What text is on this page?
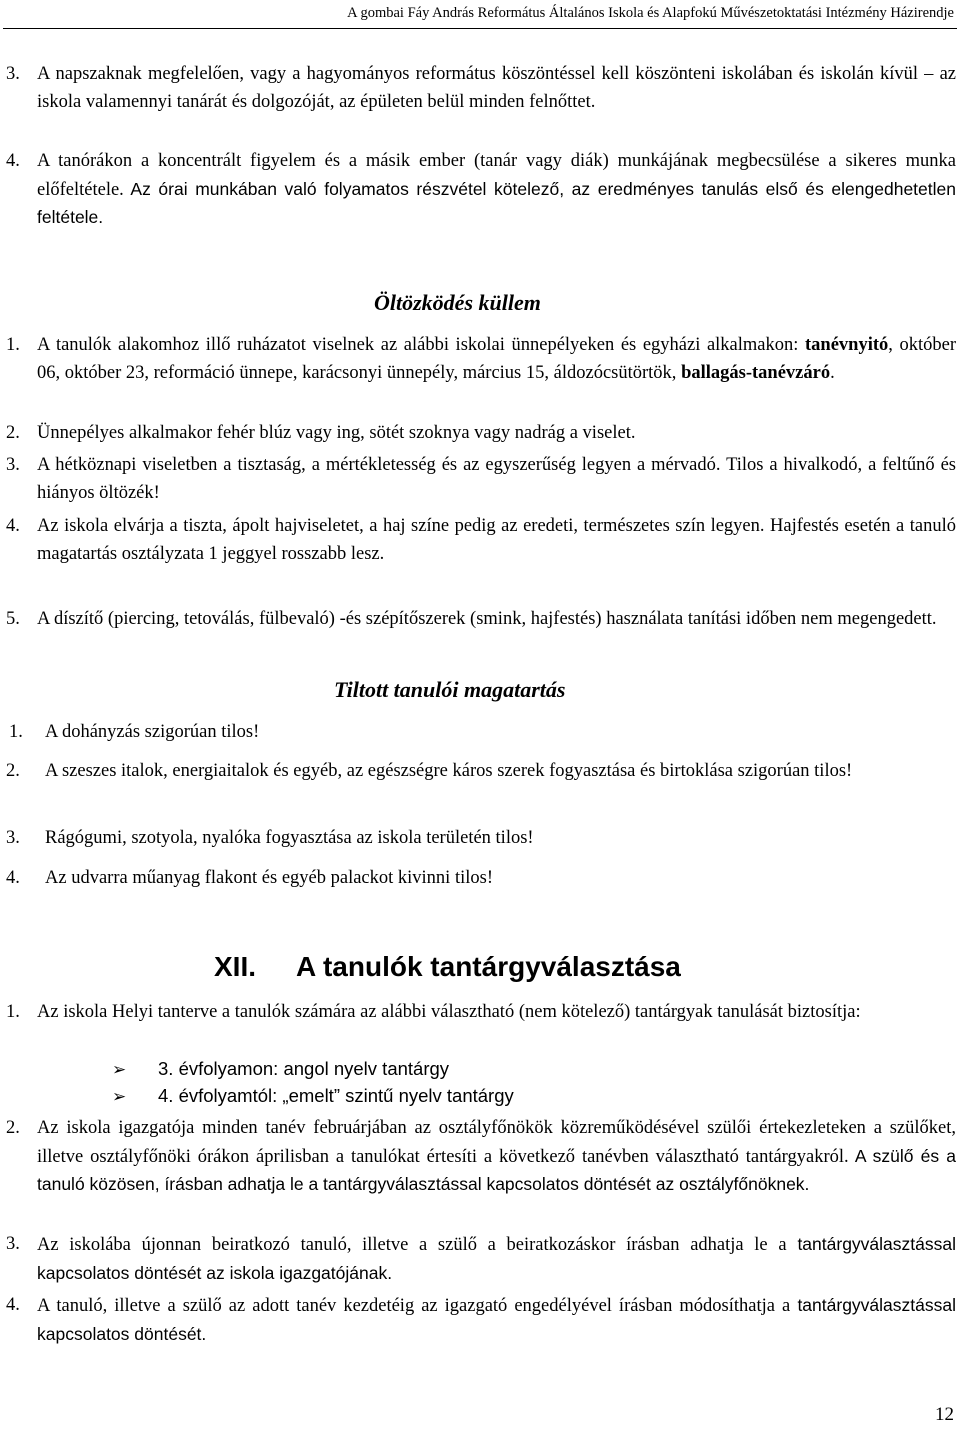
A gombai Fáy András Református Általános Iskola és Alapfokú Művészetoktatási Intézmény Házirendje
3. A napszaknak megfelelően, vagy a hagyományos református köszöntéssel kell köszönteni iskolában és iskolán kívül – az iskola valamennyi tanárát és dolgozóját, az épületen belül minden felnőttet.
4. A tanórákon a koncentrált figyelem és a másik ember (tanár vagy diák) munkájának megbecsülése a sikeres munka előfeltétele. Az órai munkában való folyamatos részvétel kötelező, az eredményes tanulás első és elengedhetetlen feltétele.
Öltözködés küllem
1. A tanulók alakomhoz illő ruházatot viselnek az alábbi iskolai ünnepélyeken és egyházi alkalmakon: tanévnyitó, október 06, október 23, reformáció ünnepe, karácsonyi ünnepély, március 15, áldozócsütörtök, ballagás-tanévzáró.
2. Ünnepélyes alkalmakor fehér blúz vagy ing, sötét szoknya vagy nadrág a viselet.
3. A hétköznapi viseletben a tisztaság, a mértékletesség és az egyszerűség legyen a mérvadó. Tilos a hivalkodó, a feltűnő és hiányos öltözék!
4. Az iskola elvárja a tiszta, ápolt hajviseletet, a haj színe pedig az eredeti, természetes szín legyen. Hajfestés esetén a tanuló magatartás osztályzata 1 jeggyel rosszabb lesz.
5. A díszítő (piercing, tetoválás, fülbevaló) -és szépítőszerek (smink, hajfestés) használata tanítási időben nem megengedett.
Tiltott tanulói magatartás
1. A dohányzás szigorúan tilos!
2. A szeszes italok, energiaitalok és egyéb, az egészségre káros szerek fogyasztása és birtoklása szigorúan tilos!
3. Rágógumi, szotyola, nyalóka fogyasztása az iskola területén tilos!
4. Az udvarra műanyag flakont és egyéb palackot kivinni tilos!
XII. A tanulók tantárgyválasztása
1. Az iskola Helyi tanterve a tanulók számára az alábbi választható (nem kötelező) tantárgyak tanulását biztosítja:
➢ 3. évfolyamon: angol nyelv tantárgy
➢ 4. évfolyamtól: „emelt” szintű nyelv tantárgy
2. Az iskola igazgatója minden tanév februárjában az osztályfőnökök közreműködésével szülői értekezleteken a szülőket, illetve osztályfőnöki órákon áprilisban a tanulókat értesíti a következő tanévben választható tantárgyakról. A szülő és a tanuló közösen, írásban adhatja le a tantárgyválasztással kapcsolatos döntését az osztályfőnöknek.
3. Az iskolába újonnan beiratkozó tanuló, illetve a szülő a beiratkozáskor írásban adhatja le a tantárgyválasztással kapcsolatos döntését az iskola igazgatójának.
4. A tanuló, illetve a szülő az adott tanév kezdetéig az igazgató engedélyével írásban módosíthatja a tantárgyválasztással kapcsolatos döntését.
12
